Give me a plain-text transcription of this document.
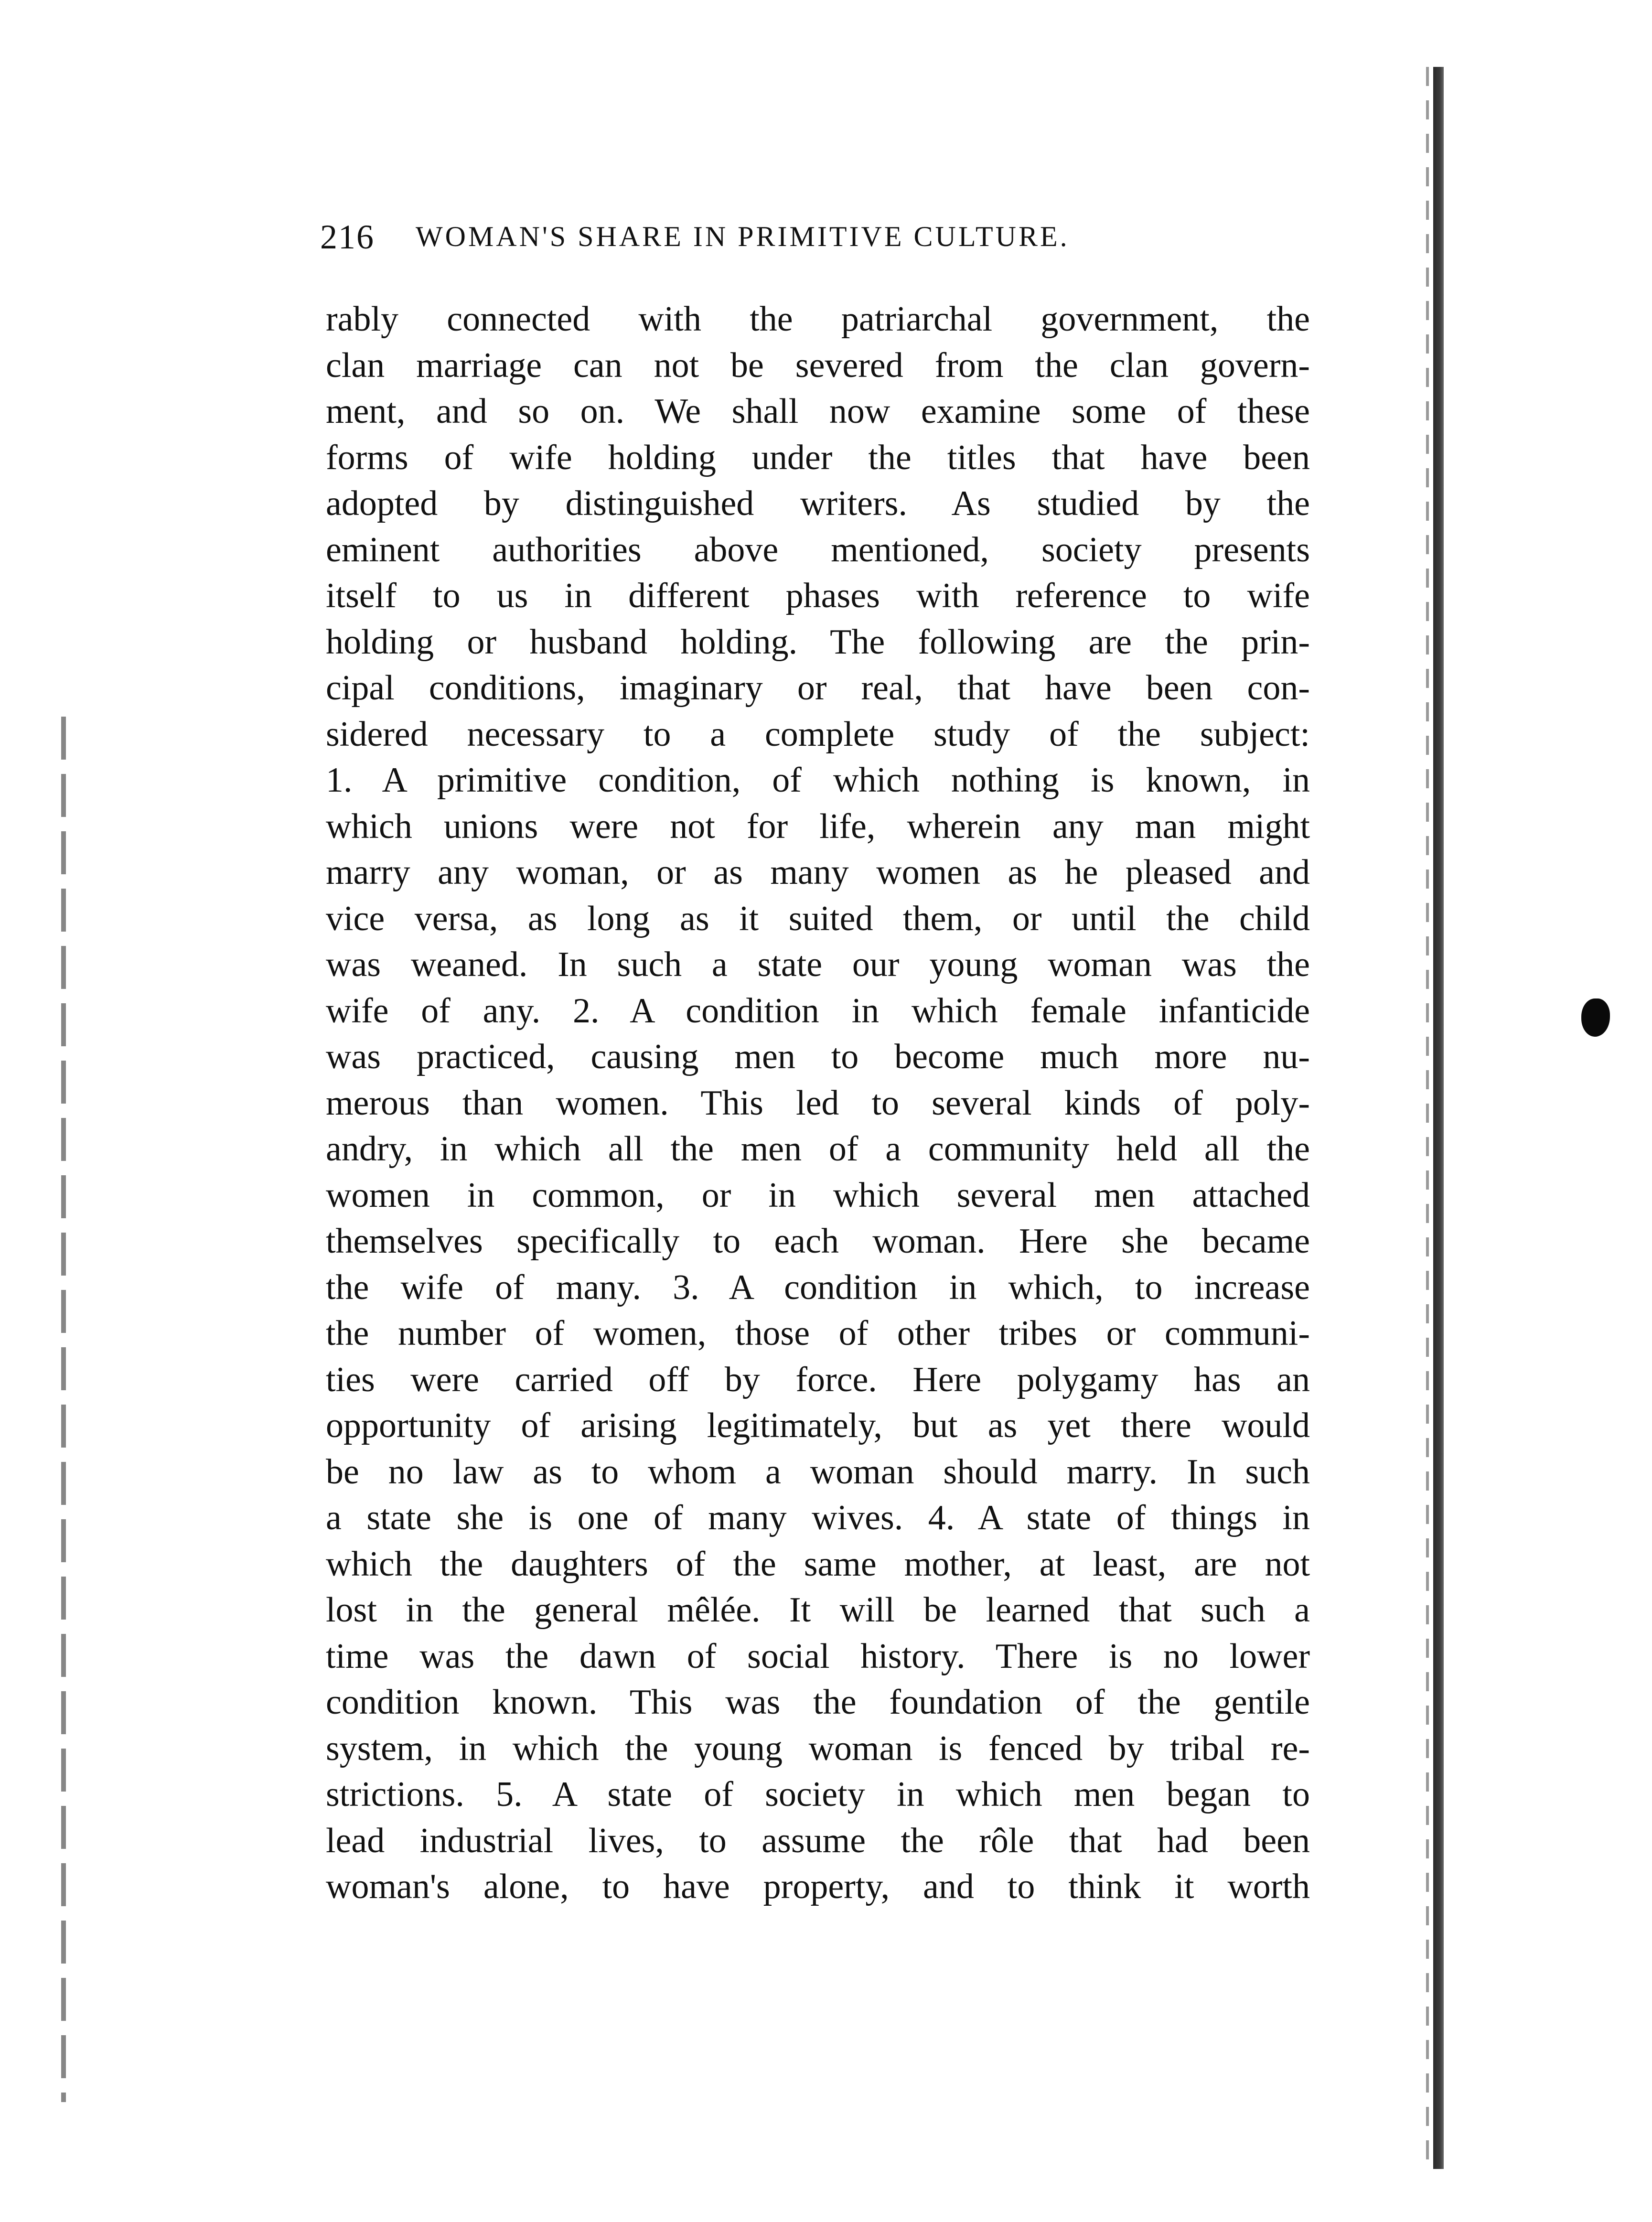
216 WOMAN'S SHARE IN PRIMITIVE CULTURE.
rably connected with the patriarchal government, the
clan marriage can not be severed from the clan govern-
ment, and so on. We shall now examine some of these
forms of wife holding under the titles that have been
adopted by distinguished writers. As studied by the
eminent authorities above mentioned, society presents
itself to us in different phases with reference to wife
holding or husband holding. The following are the prin-
cipal conditions, imaginary or real, that have been con-
sidered necessary to a complete study of the subject:
1. A primitive condition, of which nothing is known, in
which unions were not for life, wherein any man might
marry any woman, or as many women as he pleased and
vice versa, as long as it suited them, or until the child
was weaned. In such a state our young woman was the
wife of any. 2. A condition in which female infanticide
was practiced, causing men to become much more nu-
merous than women. This led to several kinds of poly-
andry, in which all the men of a community held all the
women in common, or in which several men attached
themselves specifically to each woman. Here she became
the wife of many. 3. A condition in which, to increase
the number of women, those of other tribes or communi-
ties were carried off by force. Here polygamy has an
opportunity of arising legitimately, but as yet there would
be no law as to whom a woman should marry. In such
a state she is one of many wives. 4. A state of things in
which the daughters of the same mother, at least, are not
lost in the general mêlée. It will be learned that such a
time was the dawn of social history. There is no lower
condition known. This was the foundation of the gentile
system, in which the young woman is fenced by tribal re-
strictions. 5. A state of society in which men began to
lead industrial lives, to assume the rôle that had been
woman's alone, to have property, and to think it worth
